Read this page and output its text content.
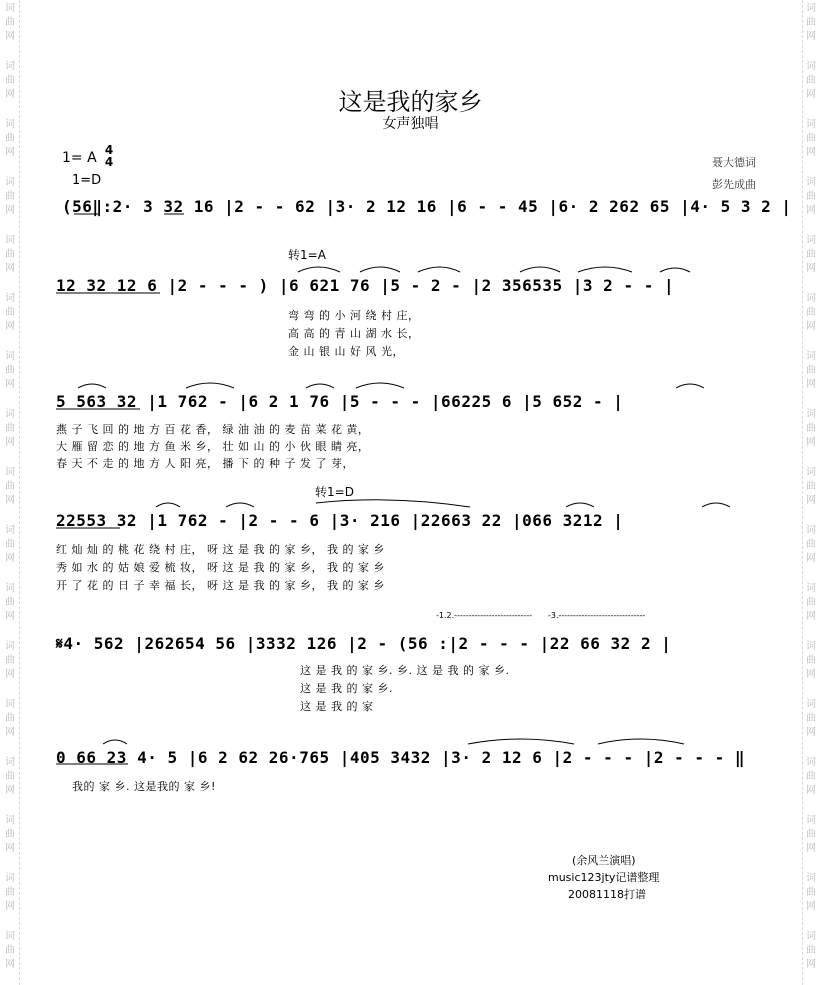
词
曲
网
词
曲
网
词
曲
网
词
曲
网
词
曲
网
词
曲
网
词
曲
网
词
曲
网
词
曲
网
词
曲
网
词
曲
网
词
曲
网
词
曲
网
词
曲
网
词
曲
网
词
曲
网
词
曲
网
词
曲
网
词
曲
网
词
曲
网
词
曲
网
词
曲
网
词
曲
网
词
曲
网
词
曲
网
词
曲
网
词
曲
网
词
曲
网
词
曲
网
词
曲
网
词
曲
网
词
曲
网
词
曲
网
词
曲
网
这是我的家乡
女声独唱
1= A 4
4
1=D
聂大德词
彭先成曲
(56‖:2· 3 32 16 |2 - - 62 |3· 2 12 16 |6 - - 45 |6· 2 262 65 |4· 5 3 2 |
转1=A
12 32 12 6 |2 - - - ) |6 621 76 |5 - 2 - |2 356535 |3 2 - - |
弯 弯 的 小 河 绕 村 庄，
高 高 的 青 山 湖 水 长，
金 山 银 山 好 风 光，
5 563 32 |1 762 - |6 2 1 76 |5 - - - |66225 6 |5 652 - |
燕 子 飞 回 的 地 方 百 花 香， 绿 油 油 的 麦 苗 菜 花 黄，
大 雁 留 恋 的 地 方 鱼 米 乡， 壮 如 山 的 小 伙 眼 睛 亮，
春 天 不 走 的 地 方 人 阳 亮， 播 下 的 种 子 发 了 芽，
转1=D
22553 32 |1 762 - |2 - - 6 |3· 216 |22663 22 |066 3212 |
红 灿 灿 的 桃 花 绕 村 庄， 呀 这 是 我 的 家 乡， 我 的 家 乡
秀 如 水 的 姑 娘 爱 梳 妆， 呀 这 是 我 的 家 乡， 我 的 家 乡
开 了 花 的 日 子 幸 福 长， 呀 这 是 我 的 家 乡， 我 的 家 乡
-1.2.--------------------------- -3.------------------------------
𝄋4· 562 |262654 56 |3332 126 |2 - (56 :|2 - - - |22 66 32 2 |
这 是 我 的 家 乡. 乡. 这 是 我 的 家 乡.
这 是 我 的 家 乡.
这 是 我 的 家
0 66 23 4· 5 |6 2 62 26·765 |405 3432 |3· 2 12 6 |2 - - - |2 - - - ‖
我的 家 乡. 这是我的 家 乡!
(余风兰演唱)
music123jty记谱整理
20081118打谱
